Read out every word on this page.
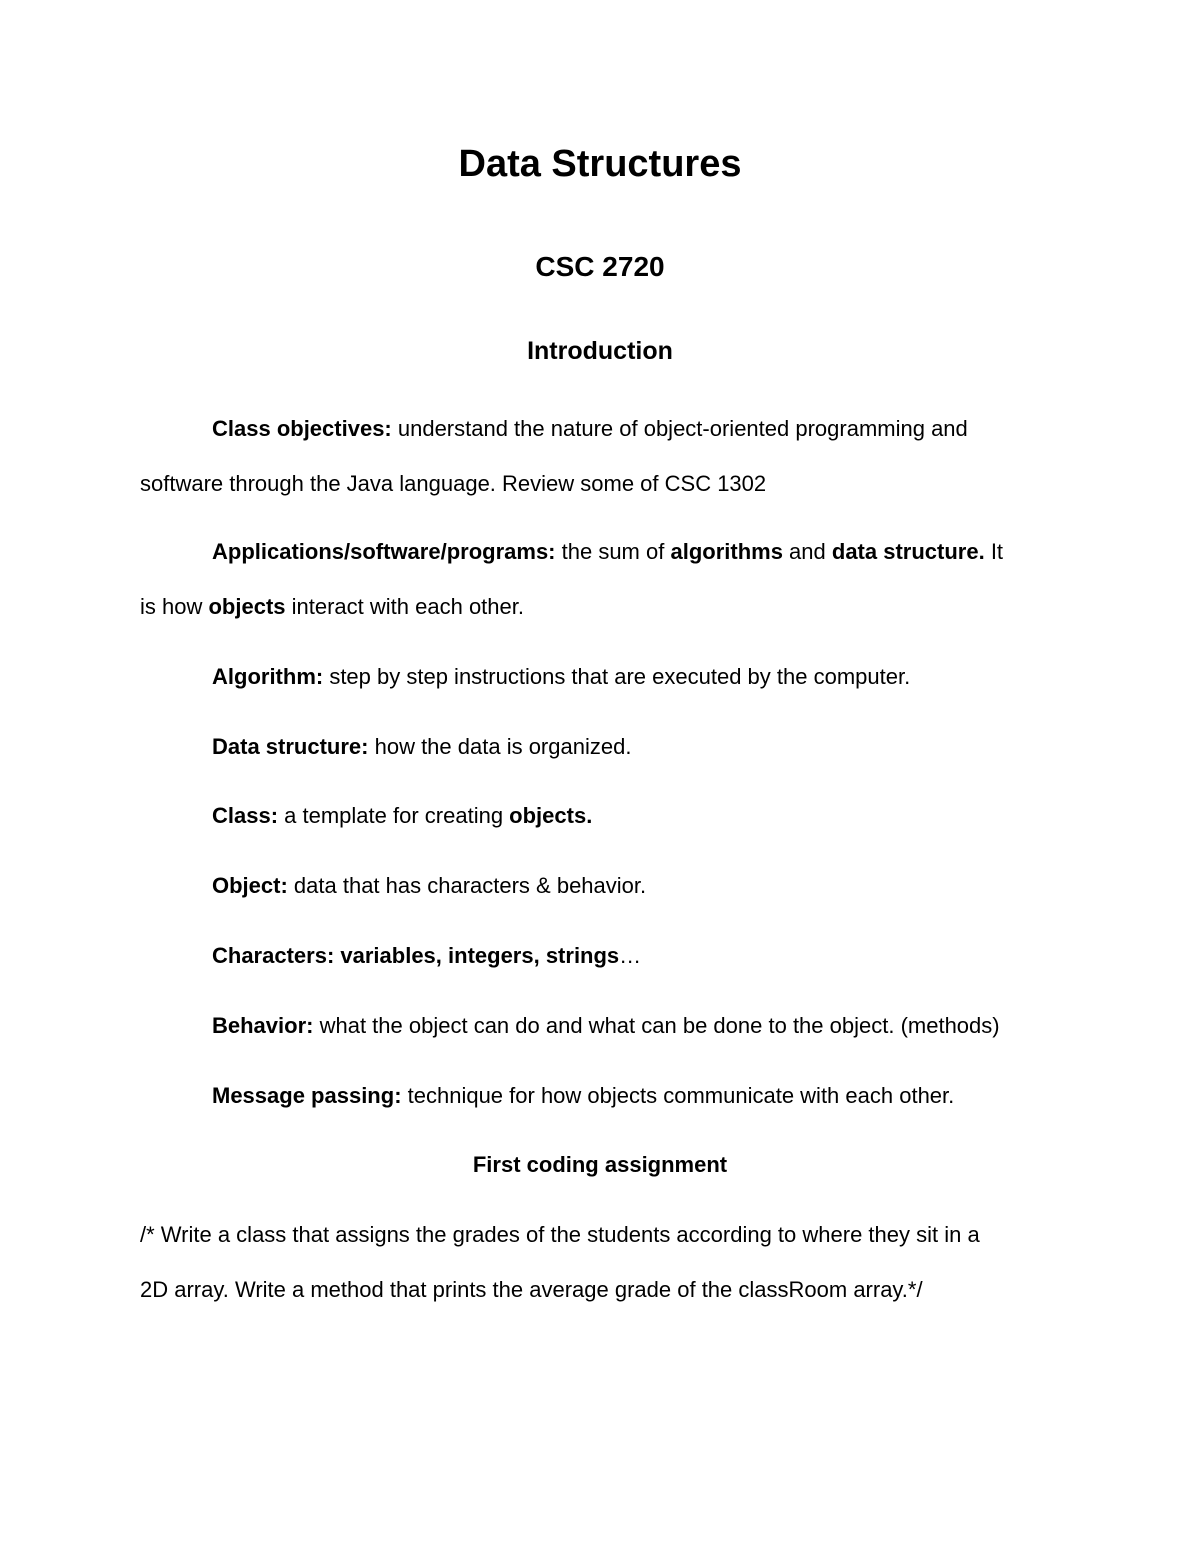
Data Structures
CSC 2720
Introduction
Class objectives: understand the nature of object-oriented programming and
software through the Java language. Review some of CSC 1302
Applications/software/programs: the sum of algorithms and data structure. It
is how objects interact with each other.
Algorithm: step by step instructions that are executed by the computer.
Data structure: how the data is organized.
Class: a template for creating objects.
Object: data that has characters & behavior.
Characters: variables, integers, strings…
Behavior: what the object can do and what can be done to the object. (methods)
Message passing: technique for how objects communicate with each other.
First coding assignment
/* Write a class that assigns the grades of the students according to where they sit in a
2D array. Write a method that prints the average grade of the classRoom array.*/
